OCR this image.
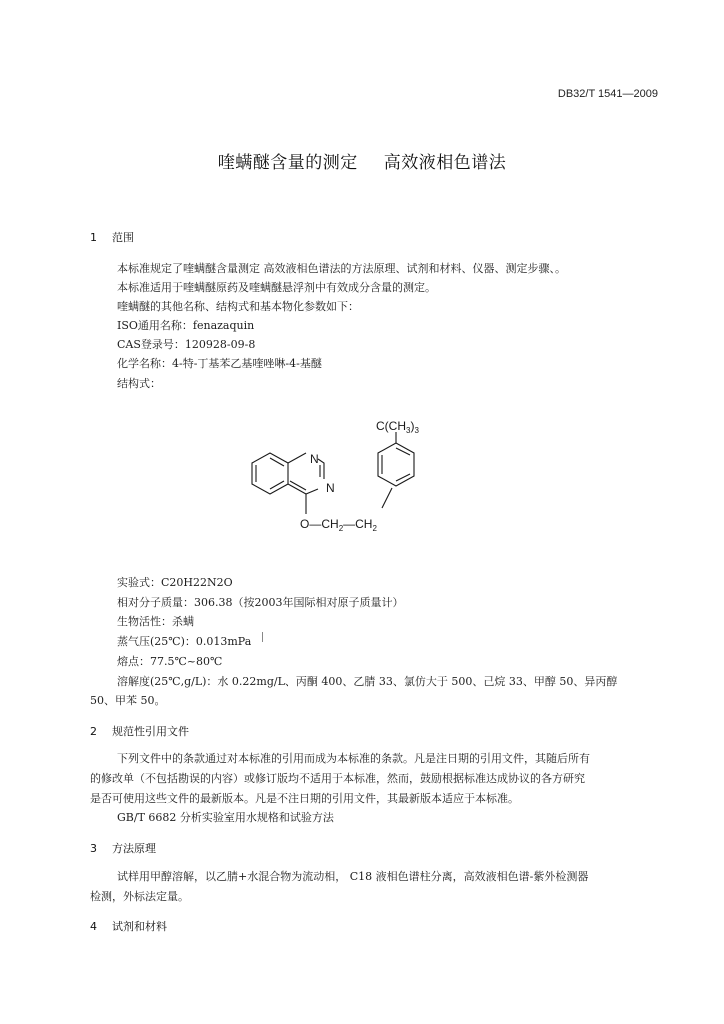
DB32/T 1541—2009
喹螨醚含量的测定 高效液相色谱法
1 范围
本标准规定了喹螨醚含量测定 高效液相色谱法的方法原理、试剂和材料、仪器、测定步骤、。
本标准适用于喹螨醚原药及喹螨醚悬浮剂中有效成分含量的测定。
喹螨醚的其他名称、结构式和基本物化参数如下：
ISO通用名称：fenazaquin
CAS登录号：120928-09-8
化学名称：4-特-丁基苯乙基喹唑啉-4-基醚
结构式：
N
N
$C(CH_3)_3$
$O—CH_2—CH_2$
实验式：C20H22N2O
相对分子质量：306.38（按2003年国际相对原子质量计）
生物活性：杀螨
蒸气压(25℃)：0.013mPa
熔点：77.5℃~80℃
溶解度(25℃,g/L)：水 0.22mg/L、丙酮 400、乙腈 33、氯仿大于 500、己烷 33、甲醇 50、异丙醇
50、甲苯 50。
2 规范性引用文件
下列文件中的条款通过对本标准的引用而成为本标准的条款。凡是注日期的引用文件，其随后所有
的修改单（不包括勘误的内容）或修订版均不适用于本标准，然而，鼓励根据标准达成协议的各方研究
是否可使用这些文件的最新版本。凡是不注日期的引用文件，其最新版本适应于本标准。
GB/T 6682 分析实验室用水规格和试验方法
3 方法原理
试样用甲醇溶解，以乙腈+水混合物为流动相， C18 液相色谱柱分离，高效液相色谱-紫外检测器
检测，外标法定量。
4 试剂和材料
